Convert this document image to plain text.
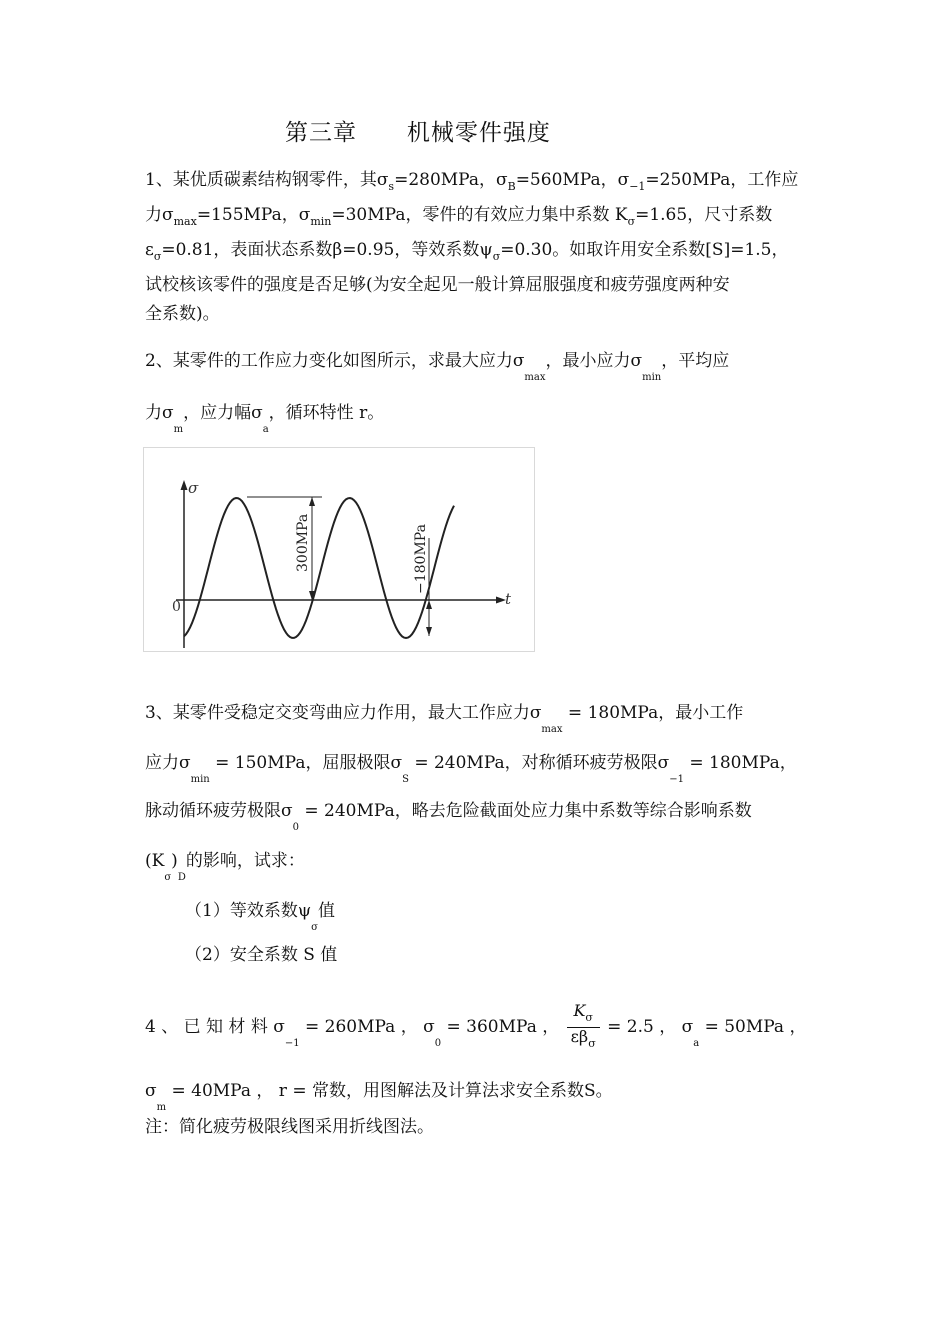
第三章      机械零件强度
1、某优质碳素结构钢零件，其$\sigma_s=280MPa$，$\sigma_B=560MPa$，$\sigma_{-1}=250MPa$，工作应
力$\sigma_{max}=155MPa$，$\sigma_{min}=30MPa$，零件的有效应力集中系数 $K_\sigma=1.65$，尺寸系数
$\varepsilon_\sigma=0.81$，表面状态系数β=0.95，等效系数$\psi_\sigma=0.30$。如取许用安全系数[S]=1.5，
试校核该零件的强度是否足够(为安全起见一般计算屈服强度和疲劳强度两种安
全系数)。
2、某零件的工作应力变化如图所示，求最大应力$\sigma_{max}$，最小应力$\sigma_{min}$，平均应
力$\sigma_m$，应力幅$\sigma_a$，循环特性 r。
σ
t
0
300MPa	−180MPa
3、某零件受稳定交变弯曲应力作用，最大工作应力$\sigma_{max} = 180MPa$，最小工作
应力$\sigma_{min} = 150MPa$，屈服极限$\sigma_S = 240MPa$，对称循环疲劳极限$\sigma_{-1} = 180MPa$，
脉动循环疲劳极限$\sigma_0 = 240MPa$，略去危险截面处应力集中系数等综合影响系数
$(K_\sigma)_D$的影响，试求：
（1）等效系数$\psi_\sigma$值
（2）安全系数 S 值
4 、 已 知 材 料 $\sigma_{-1} = 260MPa$ ， $\sigma_0 = 360MPa$ ， $\frac{K_\sigma}{\varepsilon\beta_\sigma} = 2.5$ ， $\sigma_a = 50MPa$ ，
$\sigma_m = 40MPa$ ， r = 常数，用图解法及计算法求安全系数S。
注：简化疲劳极限线图采用折线图法。
